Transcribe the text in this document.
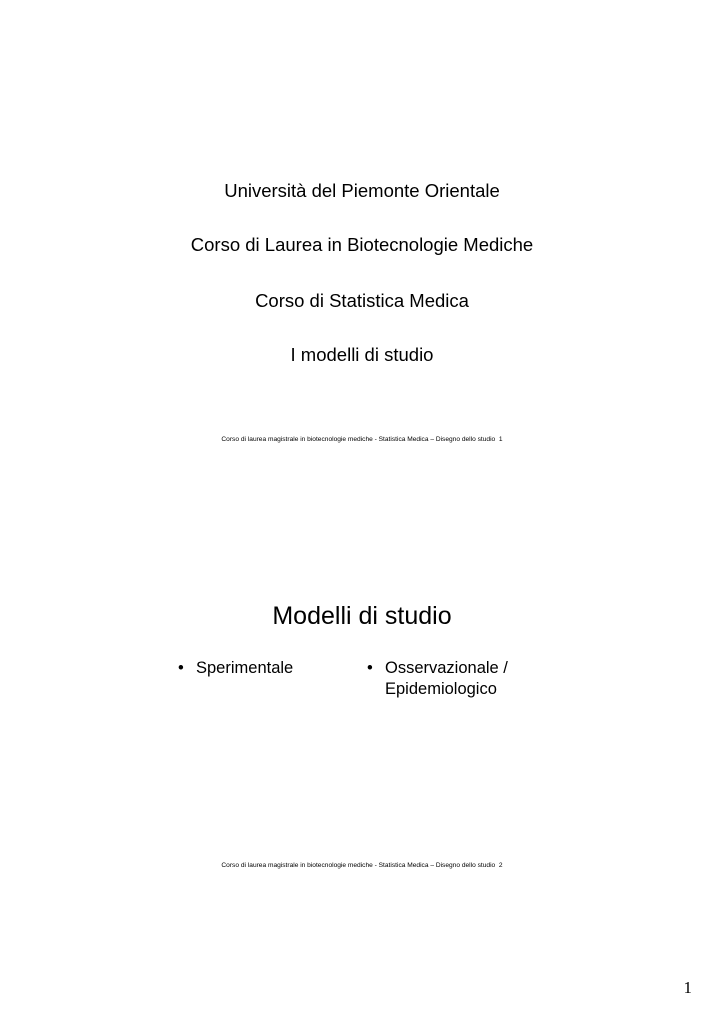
Università del Piemonte Orientale
Corso di Laurea in Biotecnologie Mediche
Corso di Statistica Medica
I modelli di studio
Corso di laurea magistrale in biotecnologie mediche - Statistica Medica – Disegno dello studio 1
Modelli di studio
• Sperimentale	• Osservazionale /
Epidemiologico
Corso di laurea magistrale in biotecnologie mediche - Statistica Medica – Disegno dello studio 2
1
